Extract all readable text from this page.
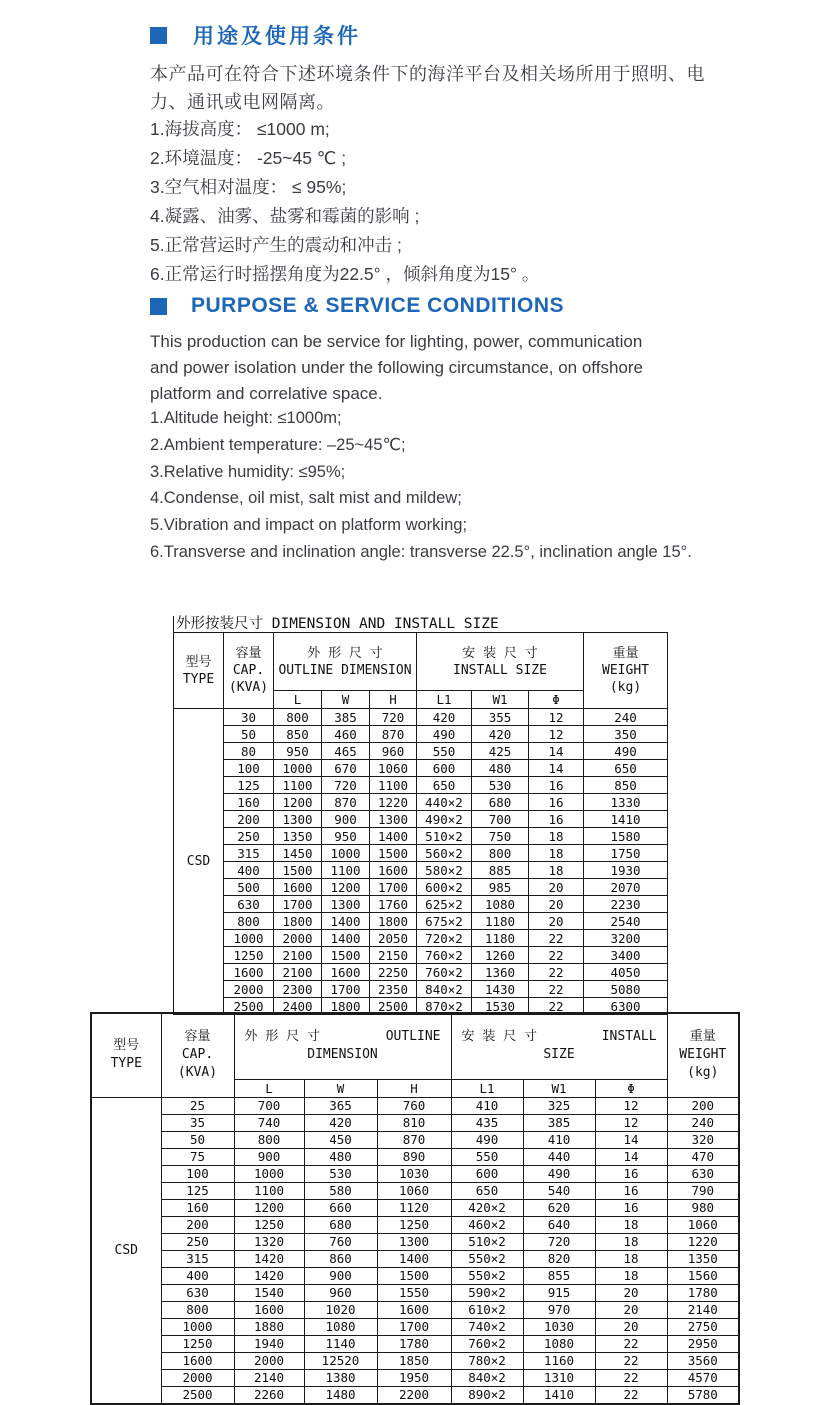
用途及使用条件
本产品可在符合下述环境条件下的海洋平台及相关场所用于照明、电力、通讯或电网隔离。
1.海拔高度： ≤1000 m;
2.环境温度： -25~45 ℃ ;
3.空气相对温度： ≤ 95%;
4.凝露、油雾、盐雾和霉菌的影响 ;
5.正常营运时产生的震动和冲击 ;
6.正常运行时摇摆角度为22.5° ，倾斜角度为15° 。
PURPOSE & SERVICE CONDITIONS
This production can be service for lighting, power, communication and power isolation under the following circumstance, on offshore platform and correlative space.
1.Altitude height: ≤1000m;
2.Ambient temperature: –25~45℃;
3.Relative humidity: ≤95%;
4.Condense, oil mist, salt mist and mildew;
5.Vibration and impact on platform working;
6.Transverse and inclination angle: transverse 22.5°, inclination angle 15°.
外形按装尺寸 DIMENSION AND INSTALL SIZE
型号
TYPE

容量
CAP.
(KVA)

外 形 尺 寸
OUTLINE DIMENSION

安 装 尺 寸
INSTALL SIZE

重量
WEIGHT
(kg)

		L	W	H	L1	W1	Φ	
CSD	30	800	385	720	420	355	12	240
	50	850	460	870	490	420	12	350
	80	950	465	960	550	425	14	490
	100	1000	670	1060	600	480	14	650
	125	1100	720	1100	650	530	16	850
	160	1200	870	1220	440×2	680	16	1330
	200	1300	900	1300	490×2	700	16	1410
	250	1350	950	1400	510×2	750	18	1580
	315	1450	1000	1500	560×2	800	18	1750
	400	1500	1100	1600	580×2	885	18	1930
	500	1600	1200	1700	600×2	985	20	2070
	630	1700	1300	1760	625×2	1080	20	2230
	800	1800	1400	1800	675×2	1180	20	2540
	1000	2000	1400	2050	720×2	1180	22	3200
	1250	2100	1500	2150	760×2	1260	22	3400
	1600	2100	1600	2250	760×2	1360	22	4050
	2000	2300	1700	2350	840×2	1430	22	5080
	2500	2400	1800	2500	870×2	1530	22	6300
型号
TYPE

容量
CAP.
(KVA)

外 形 尺 寸	OUTLINE
DIMENSION

安 装 尺 寸	INSTALL
SIZE

重量
WEIGHT
(kg)

		L	W	H	L1	W1	Φ	
CSD	25	700	365	760	410	325	12	200
	35	740	420	810	435	385	12	240
	50	800	450	870	490	410	14	320
	75	900	480	890	550	440	14	470
	100	1000	530	1030	600	490	16	630
	125	1100	580	1060	650	540	16	790
	160	1200	660	1120	420×2	620	16	980
	200	1250	680	1250	460×2	640	18	1060
	250	1320	760	1300	510×2	720	18	1220
	315	1420	860	1400	550×2	820	18	1350
	400	1420	900	1500	550×2	855	18	1560
	630	1540	960	1550	590×2	915	20	1780
	800	1600	1020	1600	610×2	970	20	2140
	1000	1880	1080	1700	740×2	1030	20	2750
	1250	1940	1140	1780	760×2	1080	22	2950
	1600	2000	12520	1850	780×2	1160	22	3560
	2000	2140	1380	1950	840×2	1310	22	4570
	2500	2260	1480	2200	890×2	1410	22	5780
